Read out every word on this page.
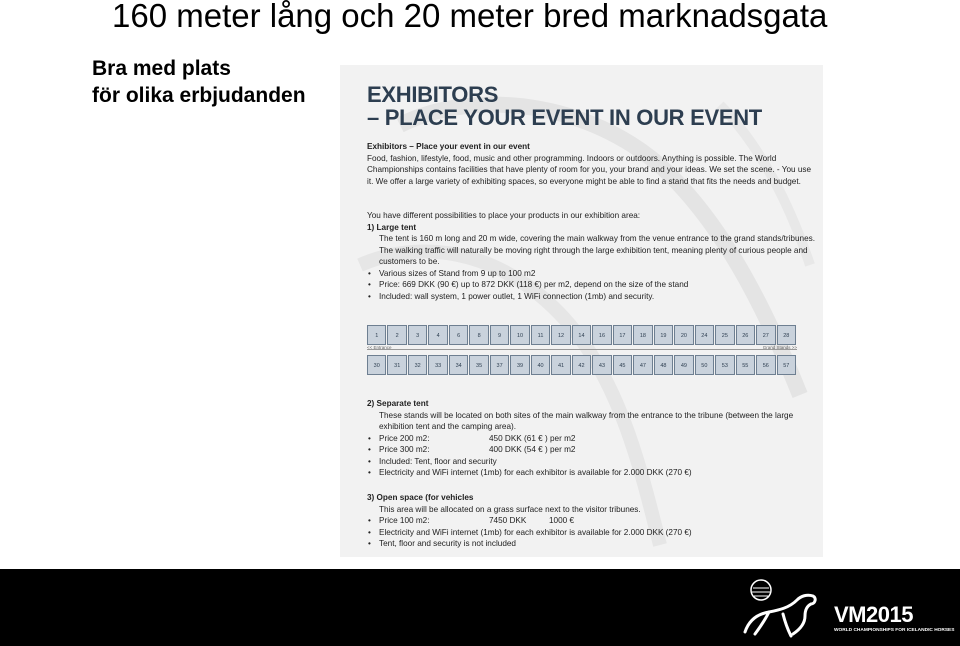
160 meter lång och 20 meter bred marknadsgata
Bra med plats
för olika erbjudanden	EXHIBITORS
– PLACE YOUR EVENT IN OUR EVENT
Exhibitors – Place your event in our event
Food, fashion, lifestyle, food, music and other programming. Indoors or outdoors. Anything is possible. The World Championships contains facilities that have plenty of room for you, your brand and your ideas. We set the scene. - You use it. We offer a large variety of exhibiting spaces, so everyone might be able to find a stand that fits the needs and budget.
You have different possibilities to place your products in our exhibition area:
1) Large tent
The tent is 160 m long and 20 m wide, covering the main walkway from the venue entrance to the grand stands/tribunes. The walking traffic will naturally be moving right through the large exhibition tent, meaning plenty of curious people and customers to be.
• Various sizes of Stand from 9 up to 100 m2
• Price: 669 DKK (90 €) up to 872 DKK (118 €) per m2, depend on the size of the stand
• Included: wall system, 1 power outlet, 1 WiFi connection (1mb) and security.
1	2	3	4	6	8	9	10	11	12	14	16	17	18	19	20	24	25	26	27	28
<< Entrance	Grand Stands >>
30	31	32	33	34	35	37	39	40	41	42	43	45	47	48	49	50	53	55	56	57
2) Separate tent
These stands will be located on both sites of the main walkway from the entrance to the tribune (between the large exhibition tent and the camping area).
• Price 200 m2:	450 DKK (61 € ) per m2
• Price 300 m2:	400 DKK (54 € ) per m2
• Included: Tent, floor and security
• Electricity and WiFi internet (1mb) for each exhibitor is available for 2.000 DKK (270 €)
3) Open space (for vehicles
This area will be allocated on a grass surface next to the visitor tribunes.
• Price 100 m2:	7450 DKK	1000 €
• Electricity and WiFi internet (1mb) for each exhibitor is available for 2.000 DKK (270 €)
• Tent, floor and security is not included
VM2015
WORLD CHAMPIONSHIPS FOR ICELANDIC HORSES
